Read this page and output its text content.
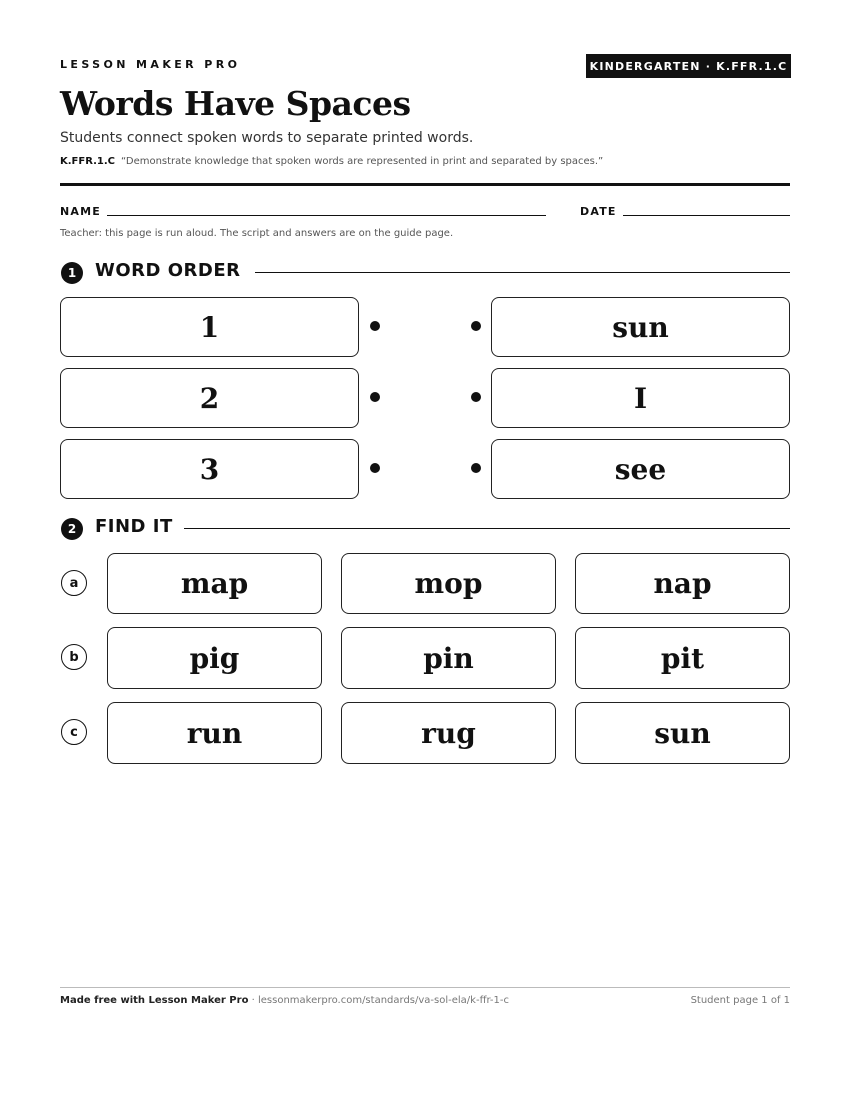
LESSON MAKER PRO	KINDERGARTEN · K.FFR.1.C
Words Have Spaces
Students connect spoken words to separate printed words.
K.FFR.1.C “Demonstrate knowledge that spoken words are represented in print and separated by spaces.”
NAME	DATE
Teacher: this page is run aloud. The script and answers are on the guide page.
1	WORD ORDER
1	sun
2	I
3	see
2	FIND IT
a	map	mop	nap
b	pig	pin	pit
c	run	rug	sun
Made free with Lesson Maker Pro · lessonmakerpro.com/standards/va-sol-ela/k-ffr-1-c	Student page 1 of 1
